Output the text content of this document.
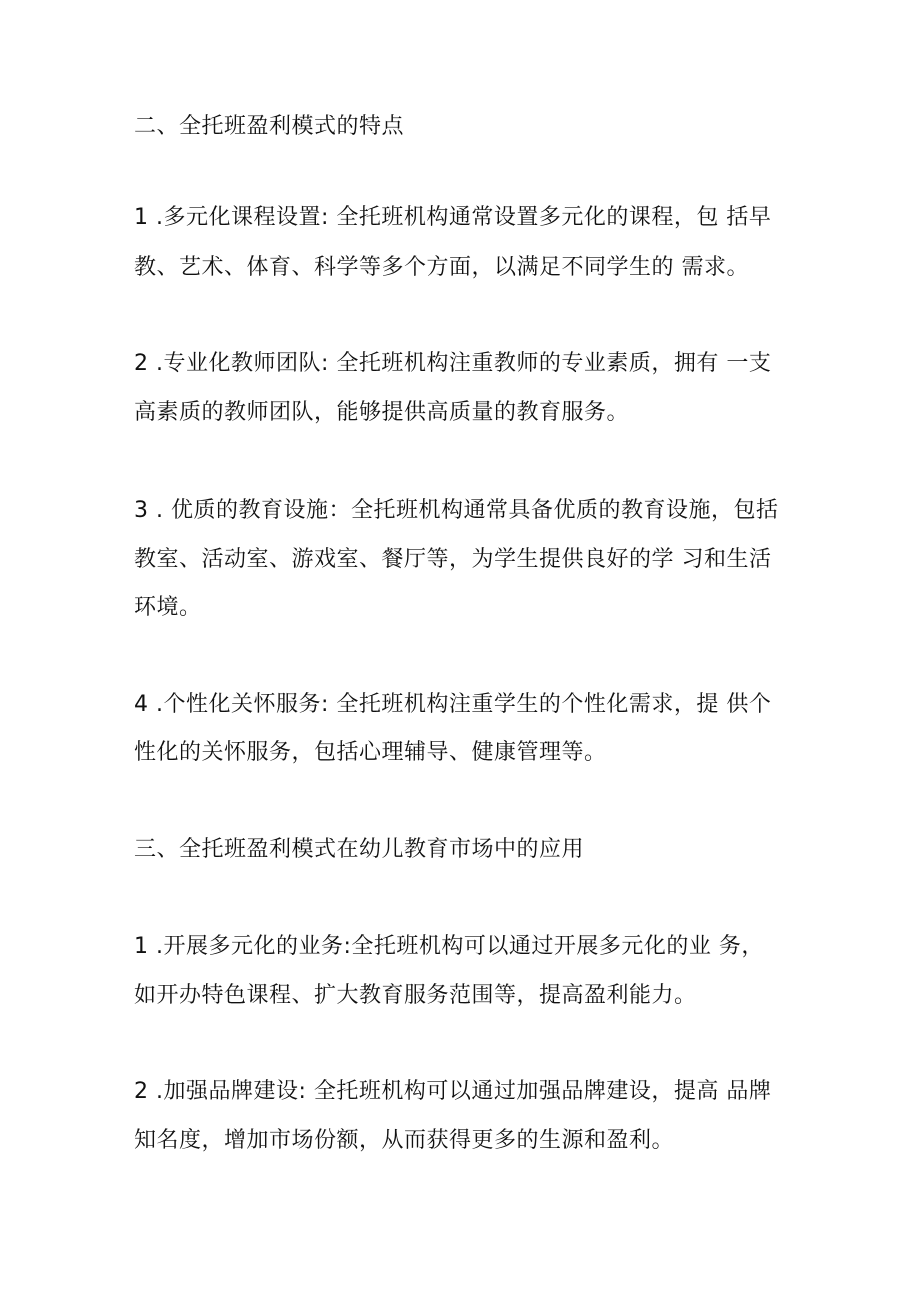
二、全托班盈利模式的特点
1 .多元化课程设置: 全托班机构通常设置多元化的课程，包 括早
教、艺术、体育、科学等多个方面，以满足不同学生的 需求。
2 .专业化教师团队: 全托班机构注重教师的专业素质，拥有 一支
高素质的教师团队，能够提供高质量的教育服务。
3 . 优质的教育设施：全托班机构通常具备优质的教育设施，包括
教室、活动室、游戏室、餐厅等，为学生提供良好的学 习和生活
环境。
4 .个性化关怀服务: 全托班机构注重学生的个性化需求，提 供个
性化的关怀服务，包括心理辅导、健康管理等。
三、全托班盈利模式在幼儿教育市场中的应用
1 .开展多元化的业务:全托班机构可以通过开展多元化的业 务，
如开办特色课程、扩大教育服务范围等，提高盈利能力。
2 .加强品牌建设: 全托班机构可以通过加强品牌建设，提高 品牌
知名度，增加市场份额，从而获得更多的生源和盈利。
